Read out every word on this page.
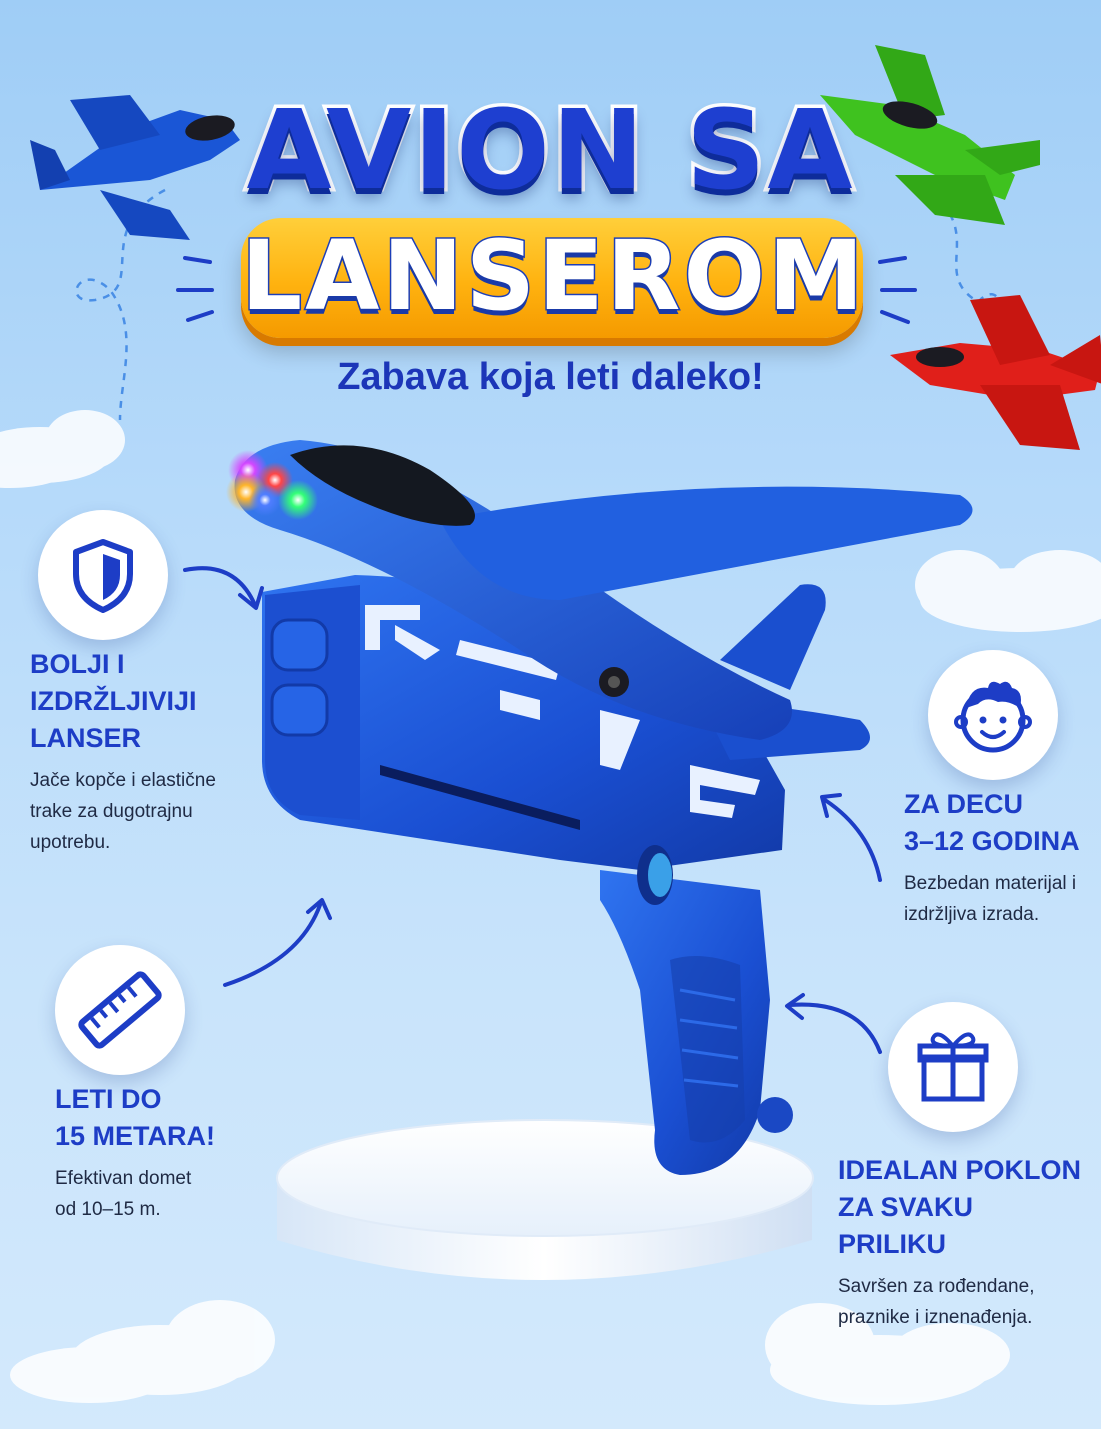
AVION SA
LANSEROM
Zabava koja leti daleko!
BOLJI I
IZDRŽLJIVIJI
LANSER
Jače kopče i elastične
trake za dugotrajnu
upotrebu.
LETI DO
15 METARA!
Efektivan domet
od 10–15 m.
ZA DECU
3–12 GODINA
Bezbedan materijal i
izdržljiva izrada.
IDEALAN POKLON
ZA SVAKU PRILIKU
Savršen za rođendane,
praznike i iznenađenja.
